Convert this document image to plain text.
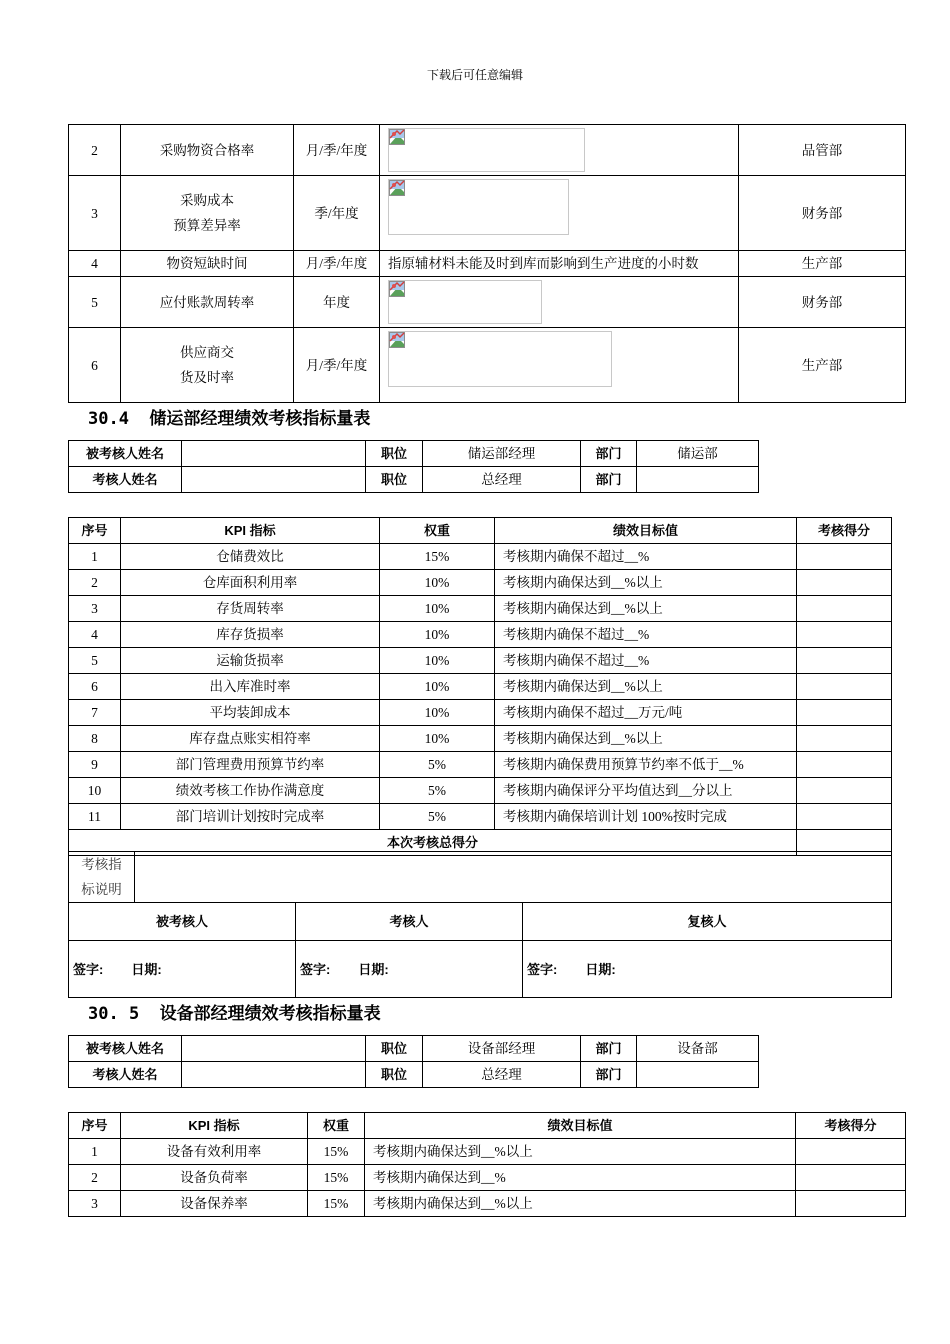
下载后可任意编辑
2	采购物资合格率	月/季/年度		品管部
3	采购成本
预算差异率	季/年度		财务部
4	物资短缺时间	月/季/年度	指原辅材料未能及时到库而影响到生产进度的小时数	生产部
5	应付账款周转率	年度		财务部
6	供应商交
货及时率	月/季/年度		生产部
30.4  储运部经理绩效考核指标量表
被考核人姓名		职位	储运部经理	部门	储运部
考核人姓名		职位	总经理	部门	
序号	KPI 指标	权重	绩效目标值	考核得分
1	仓储费效比	15%	考核期内确保不超过__%	
2	仓库面积利用率	10%	考核期内确保达到__%以上	
3	存货周转率	10%	考核期内确保达到__%以上	
4	库存货损率	10%	考核期内确保不超过__%	
5	运输货损率	10%	考核期内确保不超过__%	
6	出入库准时率	10%	考核期内确保达到__%以上	
7	平均装卸成本	10%	考核期内确保不超过__万元/吨	
8	库存盘点账实相符率	10%	考核期内确保达到__%以上	
9	部门管理费用预算节约率	5%	考核期内确保费用预算节约率不低于__%	
10	绩效考核工作协作满意度	5%	考核期内确保评分平均值达到__分以上	
11	部门培训计划按时完成率	5%	考核期内确保培训计划 100%按时完成	
本次考核总得分				
考核指
标说明

被考核人	考核人	复核人
签字: 日期:	签字: 日期:	签字: 日期:
30. 5  设备部经理绩效考核指标量表
被考核人姓名		职位	设备部经理	部门	设备部
考核人姓名		职位	总经理	部门	
序号	KPI 指标	权重	绩效目标值	考核得分
1	设备有效利用率	15%	考核期内确保达到__%以上	
2	设备负荷率	15%	考核期内确保达到__%	
3	设备保养率	15%	考核期内确保达到__%以上	
